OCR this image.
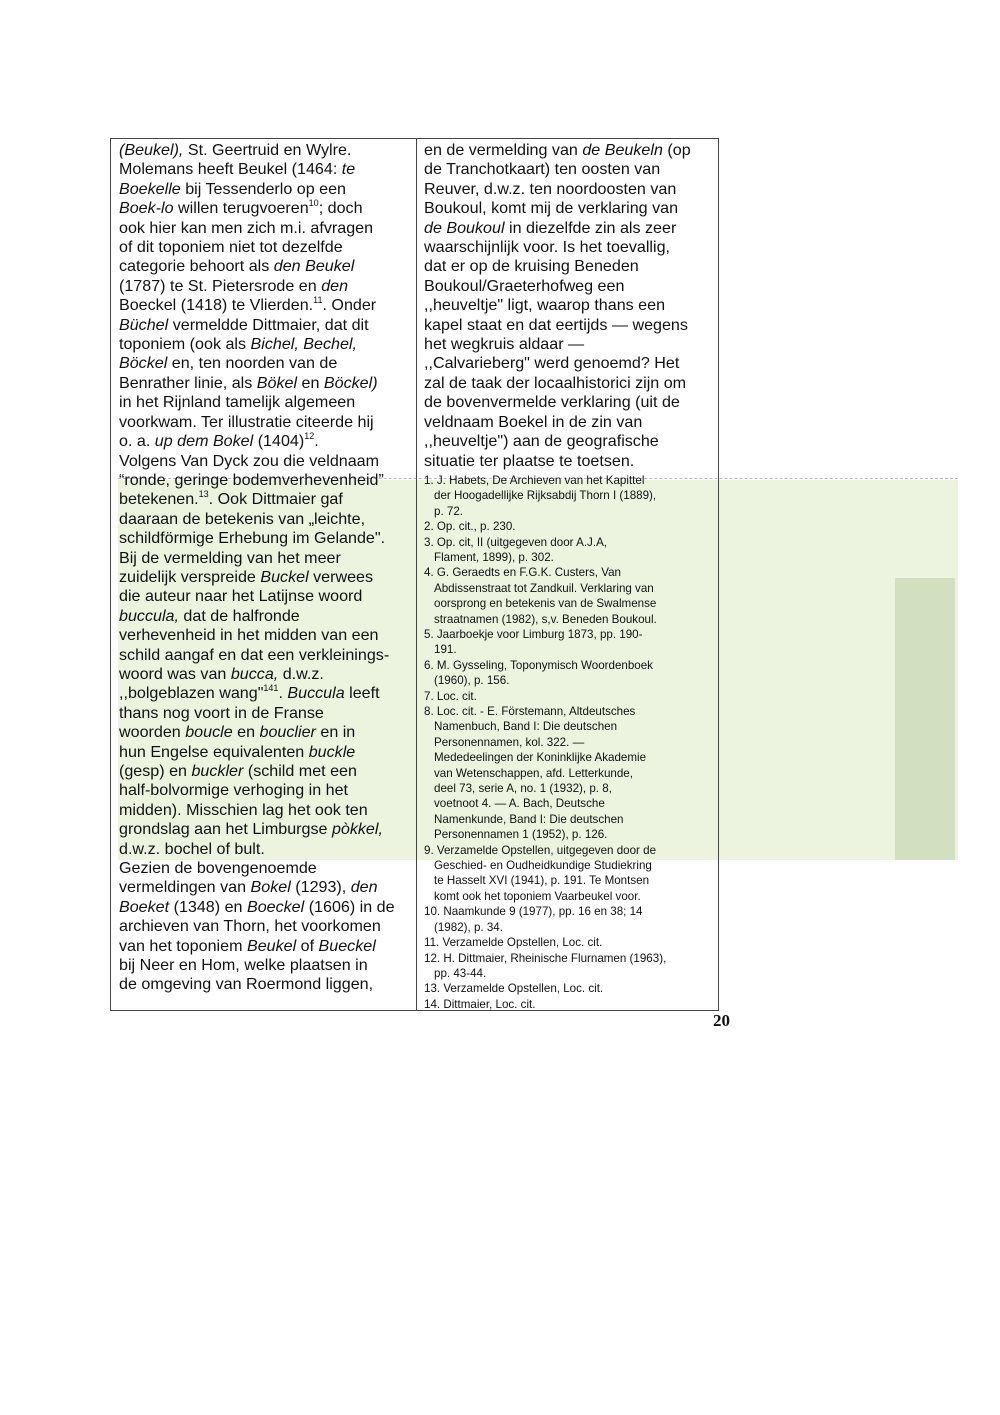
(Beukel), St. Geertruid en Wylre.

Molemans heeft Beukel (1464: te

Boekelle bij Tessenderlo op een

Boek-lo willen terugvoeren$^{10}$; doch

ook hier kan men zich m.i. afvragen

of dit toponiem niet tot dezelfde

categorie behoort als den Beukel

(1787) te St. Pietersrode en den

Boeckel (1418) te Vlierden.$^{11}$. Onder

Büchel vermeldde Dittmaier, dat dit

toponiem (ook als Bichel, Bechel,

Böckel en, ten noorden van de

Benrather linie, als Bökel en Böckel)

in het Rijnland tamelijk algemeen

voorkwam. Ter illustratie citeerde hij

o. a. up dem Bokel $(1404)^{12}$.

Volgens Van Dyck zou die veldnaam

“ronde, geringe bodemverhevenheid”

betekenen.$^{13}$. Ook Dittmaier gaf

daaraan de betekenis van „leichte,

schildförmige Erhebung im Gelande".

Bij de vermelding van het meer

zuidelijk verspreide Buckel verwees

die auteur naar het Latijnse woord

buccula, dat de halfronde

verhevenheid in het midden van een

schild aangaf en dat een verkleinings-

woord was van bucca, d.w.z.

,,bolgeblazen wang"$^{141}$. Buccula leeft

thans nog voort in de Franse

woorden boucle en bouclier en in

hun Engelse equivalenten buckle

(gesp) en buckler (schild met een

half-bolvormige verhoging in het

midden). Misschien lag het ook ten

grondslag aan het Limburgse pòkkel,

d.w.z. bochel of bult.

Gezien de bovengenoemde

vermeldingen van Bokel (1293), den

Boeket (1348) en Boeckel (1606) in de

archieven van Thorn, het voorkomen

van het toponiem Beukel of Bueckel

bij Neer en Hom, welke plaatsen in

de omgeving van Roermond liggen,

en de vermelding van de Beukeln (op

de Tranchotkaart) ten oosten van

Reuver, d.w.z. ten noordoosten van

Boukoul, komt mij de verklaring van

de Boukoul in diezelfde zin als zeer

waarschijnlijk voor. Is het toevallig,

dat er op de kruising Beneden

Boukoul/Graeterhofweg een

,,heuveltje" ligt, waarop thans een

kapel staat en dat eertijds — wegens

het wegkruis aldaar —

,,Calvarieberg" werd genoemd? Het

zal de taak der locaalhistorici zijn om

de bovenvermelde verklaring (uit de

veldnaam Boekel in de zin van

,,heuveltje") aan de geografische

situatie ter plaatse te toetsen.

1. J. Habets, De Archieven van het Kapittel
der Hoogadellijke Rijksabdij Thorn I (1889),
p. 72.

2. Op. cit., p. 230.

3. Op. cit, II (uitgegeven door A.J.A,
Flament, 1899), p. 302.

4. G. Geraedts en F.G.K. Custers, Van
Abdissenstraat tot Zandkuil. Verklaring van
oorsprong en betekenis van de Swalmense
straatnamen (1982), s,v. Beneden Boukoul.

5. Jaarboekje voor Limburg 1873, pp. 190-
191.

6. M. Gysseling, Toponymisch Woordenboek
(1960), p. 156.

7. Loc. cit.

8. Loc. cit. - E. Förstemann, Altdeutsches
Namenbuch, Band I: Die deutschen
Personennamen, kol. 322. —
Mededeelingen der Koninklijke Akademie
van Wetenschappen, afd. Letterkunde,
deel 73, serie A, no. 1 (1932), p. 8,
voetnoot 4. — A. Bach, Deutsche
Namenkunde, Band I: Die deutschen
Personennamen 1 (1952), p. 126.

9. Verzamelde Opstellen, uitgegeven door de
Geschied- en Oudheidkundige Studiekring
te Hasselt XVI (1941), p. 191. Te Montsen
komt ook het toponiem Vaarbeukel voor.

10. Naamkunde 9 (1977), pp. 16 en 38; 14
(1982), p. 34.

11. Verzamelde Opstellen, Loc. cit.

12. H. Dittmaier, Rheinische Flurnamen (1963),
pp. 43-44.

13. Verzamelde Opstellen, Loc. cit.

14. Dittmaier, Loc. cit.

20
